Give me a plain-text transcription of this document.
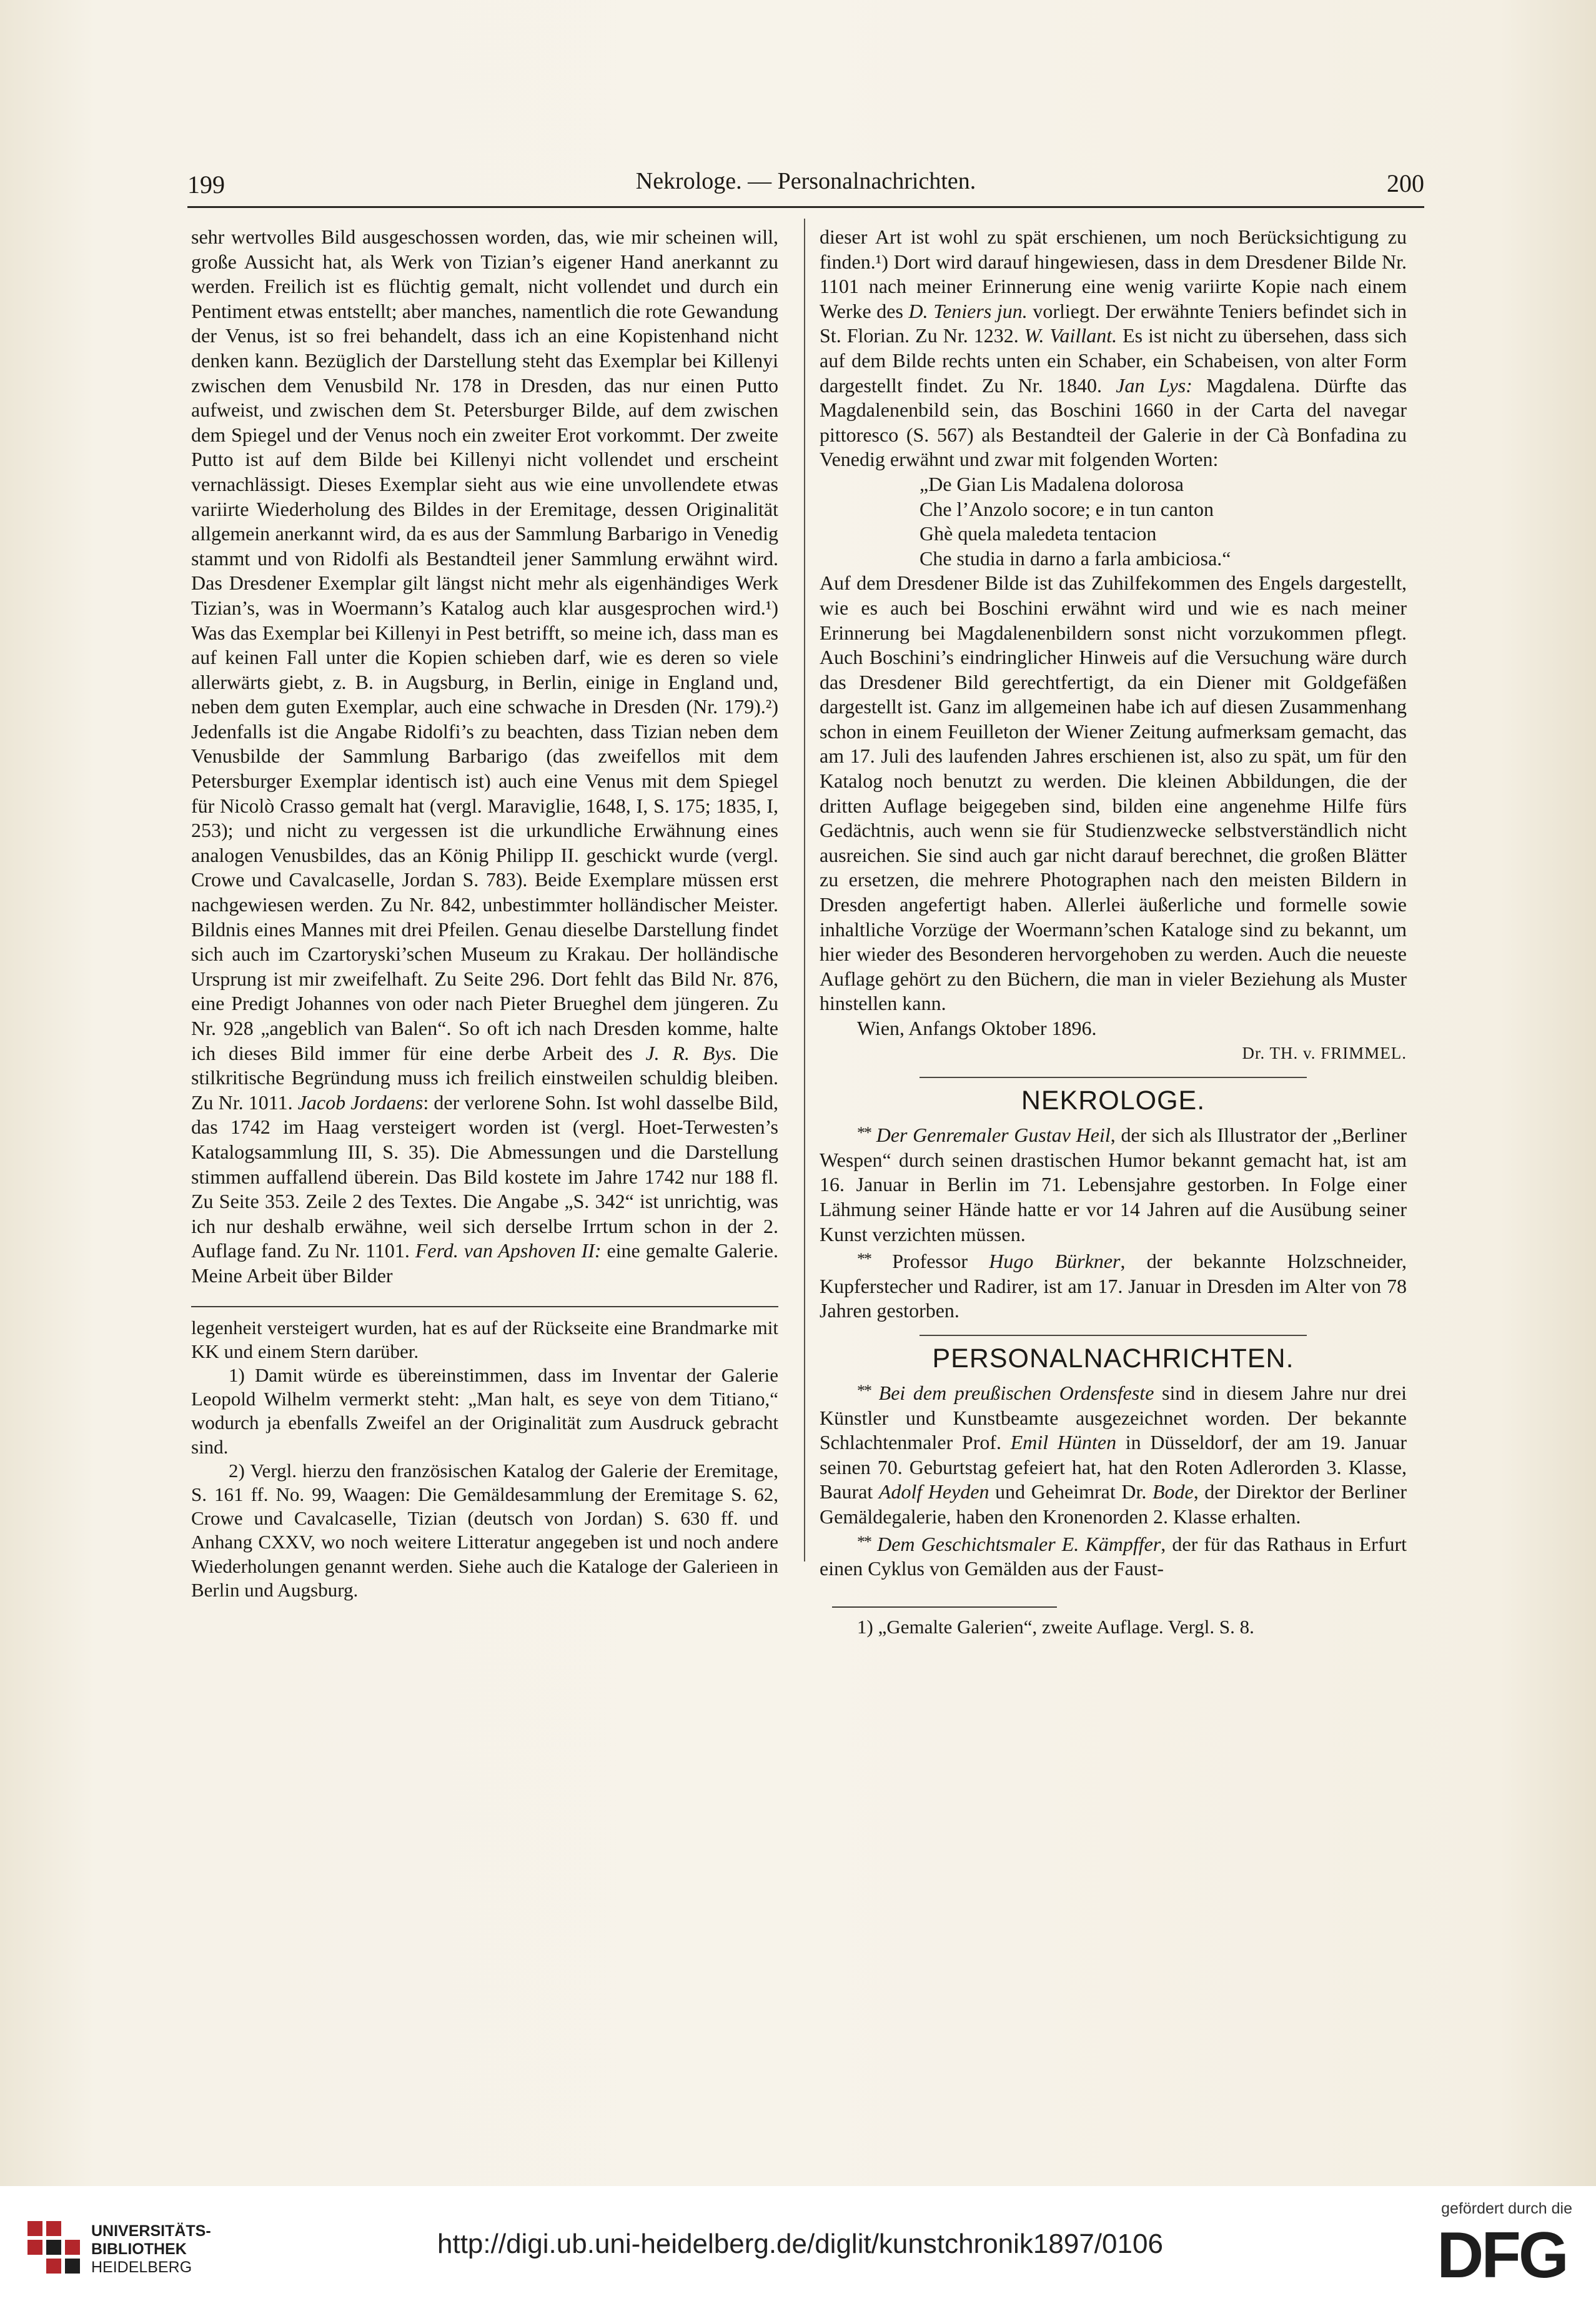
199	Nekrologe. — Personalnachrichten.	200

sehr wertvolles Bild ausgeschossen worden, das, wie mir scheinen will, große Aussicht hat, als Werk von Tizian’s eigener Hand anerkannt zu werden. Freilich ist es flüchtig gemalt, nicht vollendet und durch ein Pentiment etwas entstellt; aber manches, namentlich die rote Gewandung der Venus, ist so frei behandelt, dass ich an eine Kopistenhand nicht denken kann. Bezüglich der Darstellung steht das Exemplar bei Killenyi zwischen dem Venusbild Nr. 178 in Dresden, das nur einen Putto aufweist, und zwischen dem St. Petersburger Bilde, auf dem zwischen dem Spiegel und der Venus noch ein zweiter Erot vorkommt. Der zweite Putto ist auf dem Bilde bei Killenyi nicht vollendet und erscheint vernachlässigt. Dieses Exemplar sieht aus wie eine unvollendete etwas variirte Wiederholung des Bildes in der Eremitage, dessen Originalität allgemein anerkannt wird, da es aus der Sammlung Barbarigo in Venedig stammt und von Ridolfi als Bestandteil jener Sammlung erwähnt wird. Das Dresdener Exemplar gilt längst nicht mehr als eigenhändiges Werk Tizian’s, was in Woermann’s Katalog auch klar ausgesprochen wird.¹) Was das Exemplar bei Killenyi in Pest betrifft, so meine ich, dass man es auf keinen Fall unter die Kopien schieben darf, wie es deren so viele allerwärts giebt, z. B. in Augsburg, in Berlin, einige in England und, neben dem guten Exemplar, auch eine schwache in Dresden (Nr. 179).²) Jedenfalls ist die Angabe Ridolfi’s zu beachten, dass Tizian neben dem Venusbilde der Sammlung Barbarigo (das zweifellos mit dem Petersburger Exemplar identisch ist) auch eine Venus mit dem Spiegel für Nicolò Crasso gemalt hat (vergl. Maraviglie, 1648, I, S. 175; 1835, I, 253); und nicht zu vergessen ist die urkundliche Erwähnung eines analogen Venusbildes, das an König Philipp II. geschickt wurde (vergl. Crowe und Cavalcaselle, Jordan S. 783). Beide Exemplare müssen erst nachgewiesen werden. Zu Nr. 842, unbestimmter holländischer Meister. Bildnis eines Mannes mit drei Pfeilen. Genau dieselbe Darstellung findet sich auch im Czartoryski’schen Museum zu Krakau. Der holländische Ursprung ist mir zweifelhaft. Zu Seite 296. Dort fehlt das Bild Nr. 876, eine Predigt Johannes von oder nach Pieter Brueghel dem jüngeren. Zu Nr. 928 „angeblich van Balen“. So oft ich nach Dresden komme, halte ich dieses Bild immer für eine derbe Arbeit des J. R. Bys. Die stilkritische Begründung muss ich freilich einstweilen schuldig bleiben. Zu Nr. 1011. Jacob Jordaens: der verlorene Sohn. Ist wohl dasselbe Bild, das 1742 im Haag versteigert worden ist (vergl. Hoet-Terwesten’s Katalogsammlung III, S. 35). Die Abmessungen und die Darstellung stimmen auffallend überein. Das Bild kostete im Jahre 1742 nur 188 fl. Zu Seite 353. Zeile 2 des Textes. Die Angabe „S. 342“ ist unrichtig, was ich nur deshalb erwähne, weil sich derselbe Irrtum schon in der 2. Auflage fand. Zu Nr. 1101. Ferd. van Apshoven II: eine gemalte Galerie. Meine Arbeit über Bilder

legenheit versteigert wurden, hat es auf der Rückseite eine Brandmarke mit KK und einem Stern darüber.

1) Damit würde es übereinstimmen, dass im Inventar der Galerie Leopold Wilhelm vermerkt steht: „Man halt, es seye von dem Titiano,“ wodurch ja ebenfalls Zweifel an der Originalität zum Ausdruck gebracht sind.

2) Vergl. hierzu den französischen Katalog der Galerie der Eremitage, S. 161 ff. No. 99, Waagen: Die Gemäldesammlung der Eremitage S. 62, Crowe und Cavalcaselle, Tizian (deutsch von Jordan) S. 630 ff. und Anhang CXXV, wo noch weitere Litteratur angegeben ist und noch andere Wiederholungen genannt werden. Siehe auch die Kataloge der Galerieen in Berlin und Augsburg.

dieser Art ist wohl zu spät erschienen, um noch Berücksichtigung zu finden.¹) Dort wird darauf hingewiesen, dass in dem Dresdener Bilde Nr. 1101 nach meiner Erinnerung eine wenig variirte Kopie nach einem Werke des D. Teniers jun. vorliegt. Der erwähnte Teniers befindet sich in St. Florian. Zu Nr. 1232. W. Vaillant. Es ist nicht zu übersehen, dass sich auf dem Bilde rechts unten ein Schaber, ein Schabeisen, von alter Form dargestellt findet. Zu Nr. 1840. Jan Lys: Magdalena. Dürfte das Magdalenenbild sein, das Boschini 1660 in der Carta del navegar pittoresco (S. 567) als Bestandteil der Galerie in der Cà Bonfadina zu Venedig erwähnt und zwar mit folgenden Worten:

„De Gian Lis Madalena dolorosa
Che l’Anzolo socore; e in tun canton
Ghè quela maledeta tentacion
Che studia in darno a farla ambiciosa.“

Auf dem Dresdener Bilde ist das Zuhilfekommen des Engels dargestellt, wie es auch bei Boschini erwähnt wird und wie es nach meiner Erinnerung bei Magdalenenbildern sonst nicht vorzukommen pflegt. Auch Boschini’s eindringlicher Hinweis auf die Versuchung wäre durch das Dresdener Bild gerechtfertigt, da ein Diener mit Goldgefäßen dargestellt ist. Ganz im allgemeinen habe ich auf diesen Zusammenhang schon in einem Feuilleton der Wiener Zeitung aufmerksam gemacht, das am 17. Juli des laufenden Jahres erschienen ist, also zu spät, um für den Katalog noch benutzt zu werden. Die kleinen Abbildungen, die der dritten Auflage beigegeben sind, bilden eine angenehme Hilfe fürs Gedächtnis, auch wenn sie für Studienzwecke selbstverständlich nicht ausreichen. Sie sind auch gar nicht darauf berechnet, die großen Blätter zu ersetzen, die mehrere Photographen nach den meisten Bildern in Dresden angefertigt haben. Allerlei äußerliche und formelle sowie inhaltliche Vorzüge der Woermann’schen Kataloge sind zu bekannt, um hier wieder des Besonderen hervorgehoben zu werden. Auch die neueste Auflage gehört zu den Büchern, die man in vieler Beziehung als Muster hinstellen kann.

Wien, Anfangs Oktober 1896.

Dr. TH. v. FRIMMEL.

NEKROLOGE.

** Der Genremaler Gustav Heil, der sich als Illustrator der „Berliner Wespen“ durch seinen drastischen Humor bekannt gemacht hat, ist am 16. Januar in Berlin im 71. Lebensjahre gestorben. In Folge einer Lähmung seiner Hände hatte er vor 14 Jahren auf die Ausübung seiner Kunst verzichten müssen.

** Professor Hugo Bürkner, der bekannte Holzschneider, Kupferstecher und Radirer, ist am 17. Januar in Dresden im Alter von 78 Jahren gestorben.

PERSONALNACHRICHTEN.

** Bei dem preußischen Ordensfeste sind in diesem Jahre nur drei Künstler und Kunstbeamte ausgezeichnet worden. Der bekannte Schlachtenmaler Prof. Emil Hünten in Düsseldorf, der am 19. Januar seinen 70. Geburtstag gefeiert hat, hat den Roten Adlerorden 3. Klasse, Baurat Adolf Heyden und Geheimrat Dr. Bode, der Direktor der Berliner Gemäldegalerie, haben den Kronenorden 2. Klasse erhalten.

** Dem Geschichtsmaler E. Kämpffer, der für das Rathaus in Erfurt einen Cyklus von Gemälden aus der Faust-

1) „Gemalte Galerien“, zweite Auflage. Vergl. S. 8.

UNIVERSITÄTS-
BIBLIOTHEK
HEIDELBERG
http://digi.ub.uni-heidelberg.de/diglit/kunstchronik1897/0106
gefördert durch die
DFG
